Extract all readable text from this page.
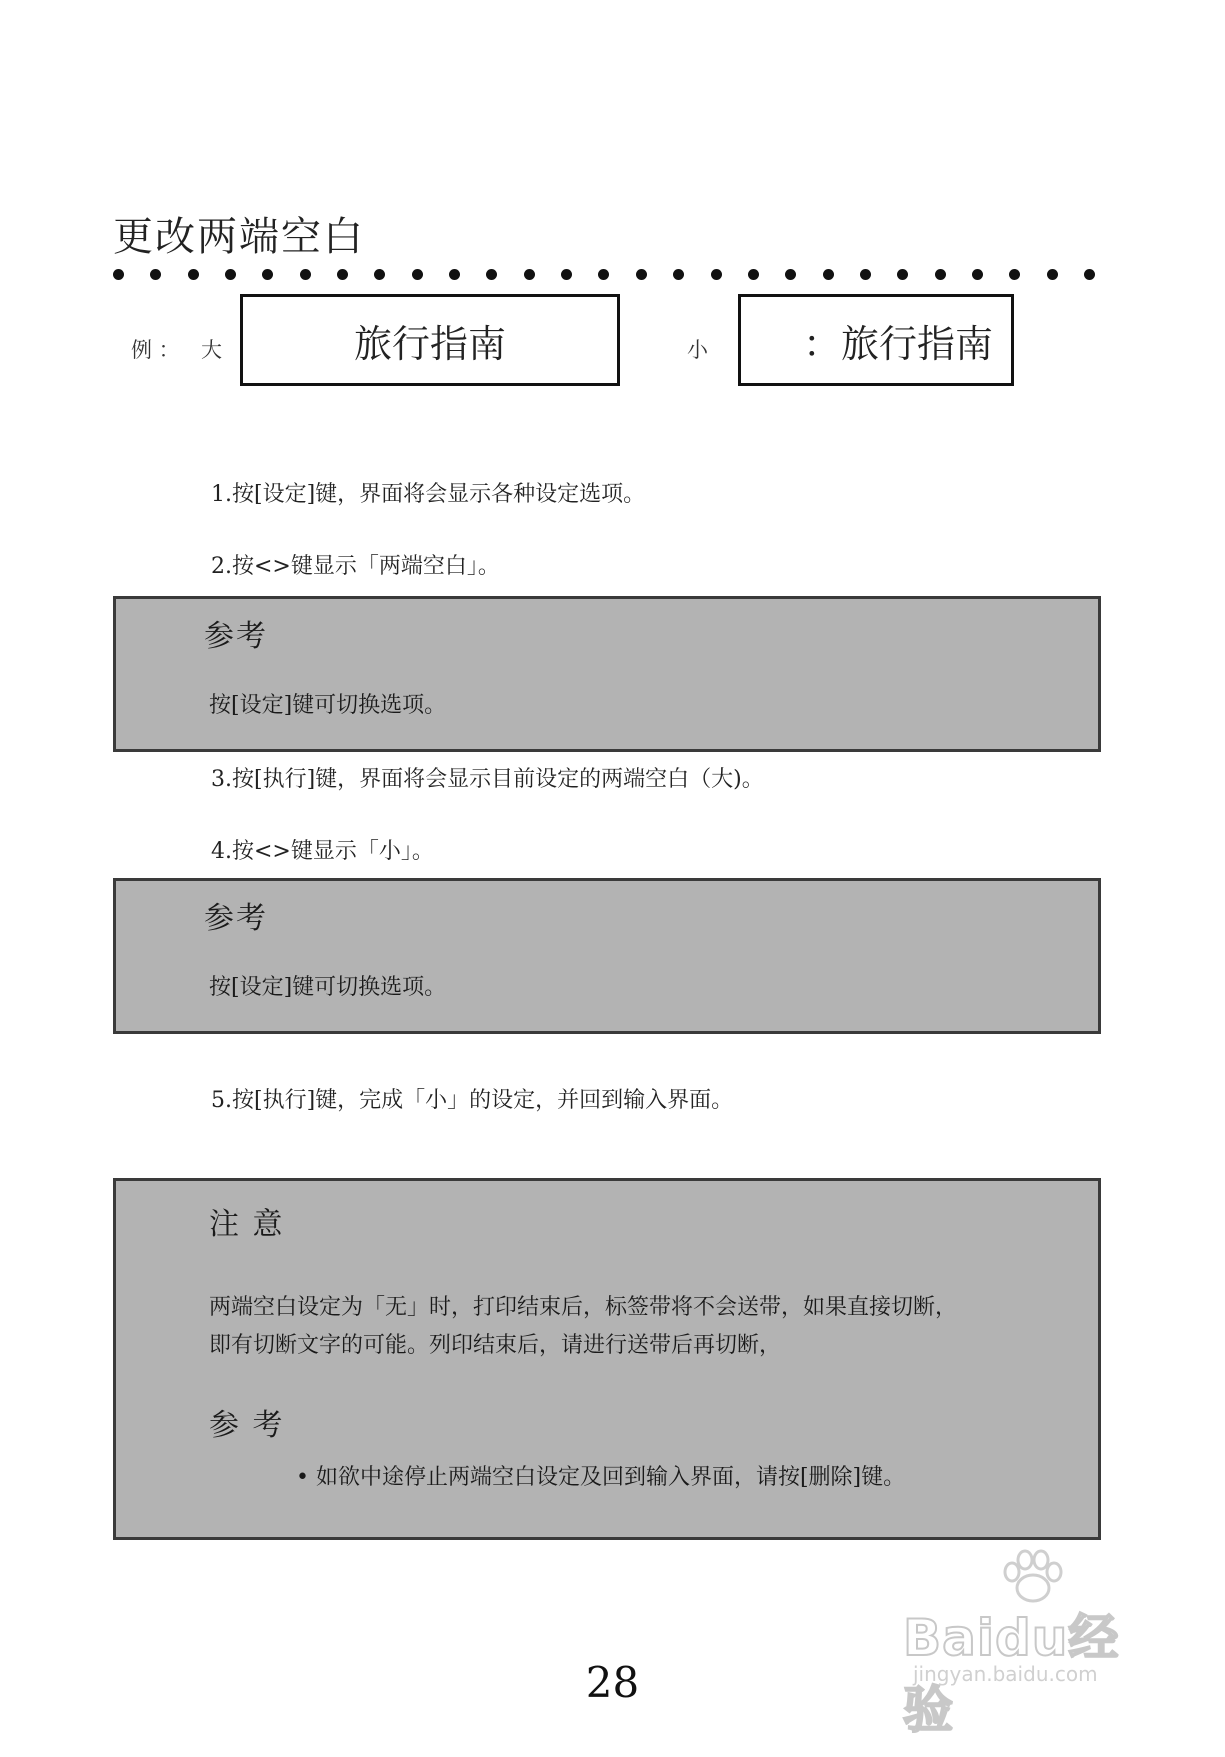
更改两端空白
例 ： 大	旅行指南	小 ：旅行指南
1.按[设定]键，界面将会显示各种设定选项。
2.按<>键显示「两端空白」。
参考
按[设定]键可切换选项。
3.按[执行]键，界面将会显示目前设定的两端空白（大)。
4.按<>键显示「小」。
参考
按[设定]键可切换选项。
5.按[执行]键，完成「小」的设定，并回到输入界面。
注 意
两端空白设定为「无」时，打印结束后，标签带将不会送带，如果直接切断，
即有切断文字的可能。列印结束后，请进行送带后再切断，
参 考
• 如欲中途停止两端空白设定及回到输入界面，请按[删除]键。
28
Baidu经验
jingyan.baidu.com
